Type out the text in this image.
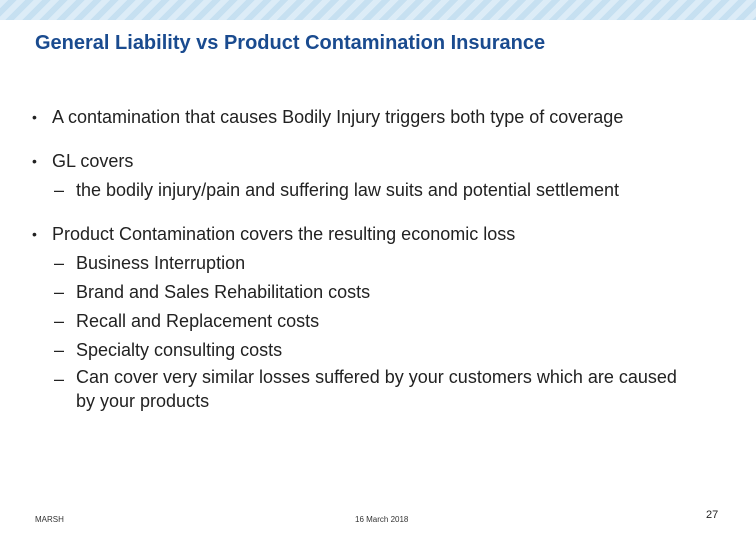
General Liability vs Product Contamination Insurance
• A contamination that causes Bodily Injury triggers both type of coverage
• GL covers
– the bodily injury/pain and suffering law suits and potential settlement
• Product Contamination covers the resulting economic loss
– Business Interruption
– Brand and Sales Rehabilitation costs
– Recall and Replacement costs
– Specialty consulting costs
– Can cover very similar losses suffered by your customers which are caused by your products
MARSH	16 March 2018	27
